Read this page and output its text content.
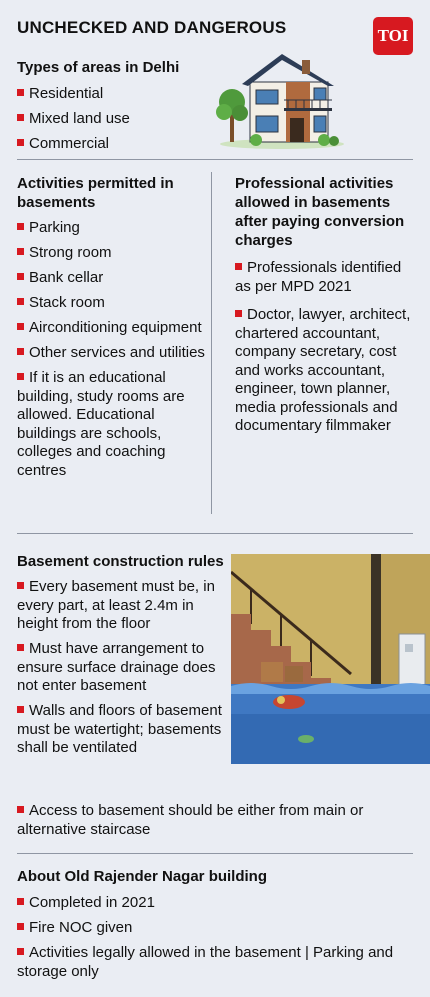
UNCHECKED AND DANGEROUS	TOI
Types of areas in Delhi
Residential
Mixed land use
Commercial
Activities permitted in basements
Parking
Strong room
Bank cellar
Stack room
Airconditioning equipment
Other services and utilities
If it is an educational building, study rooms are allowed. Educational buildings are schools, colleges and coaching centres
Professional activities allowed in basements after paying conversion charges
Professionals identified as per MPD 2021
Doctor, lawyer, architect, chartered accountant, company secretary, cost and works accountant, engineer, town planner, media professionals and documentary filmmaker
Basement construction rules
Every basement must be, in every part, at least 2.4m in height from the floor
Must have arrangement to ensure surface drainage does not enter basement
Walls and floors of basement must be watertight; basements shall be ventilated
Access to basement should be either from main or alternative staircase
About Old Rajender Nagar building
Completed in 2021
Fire NOC given
Activities legally allowed in the basement | Parking and storage only
